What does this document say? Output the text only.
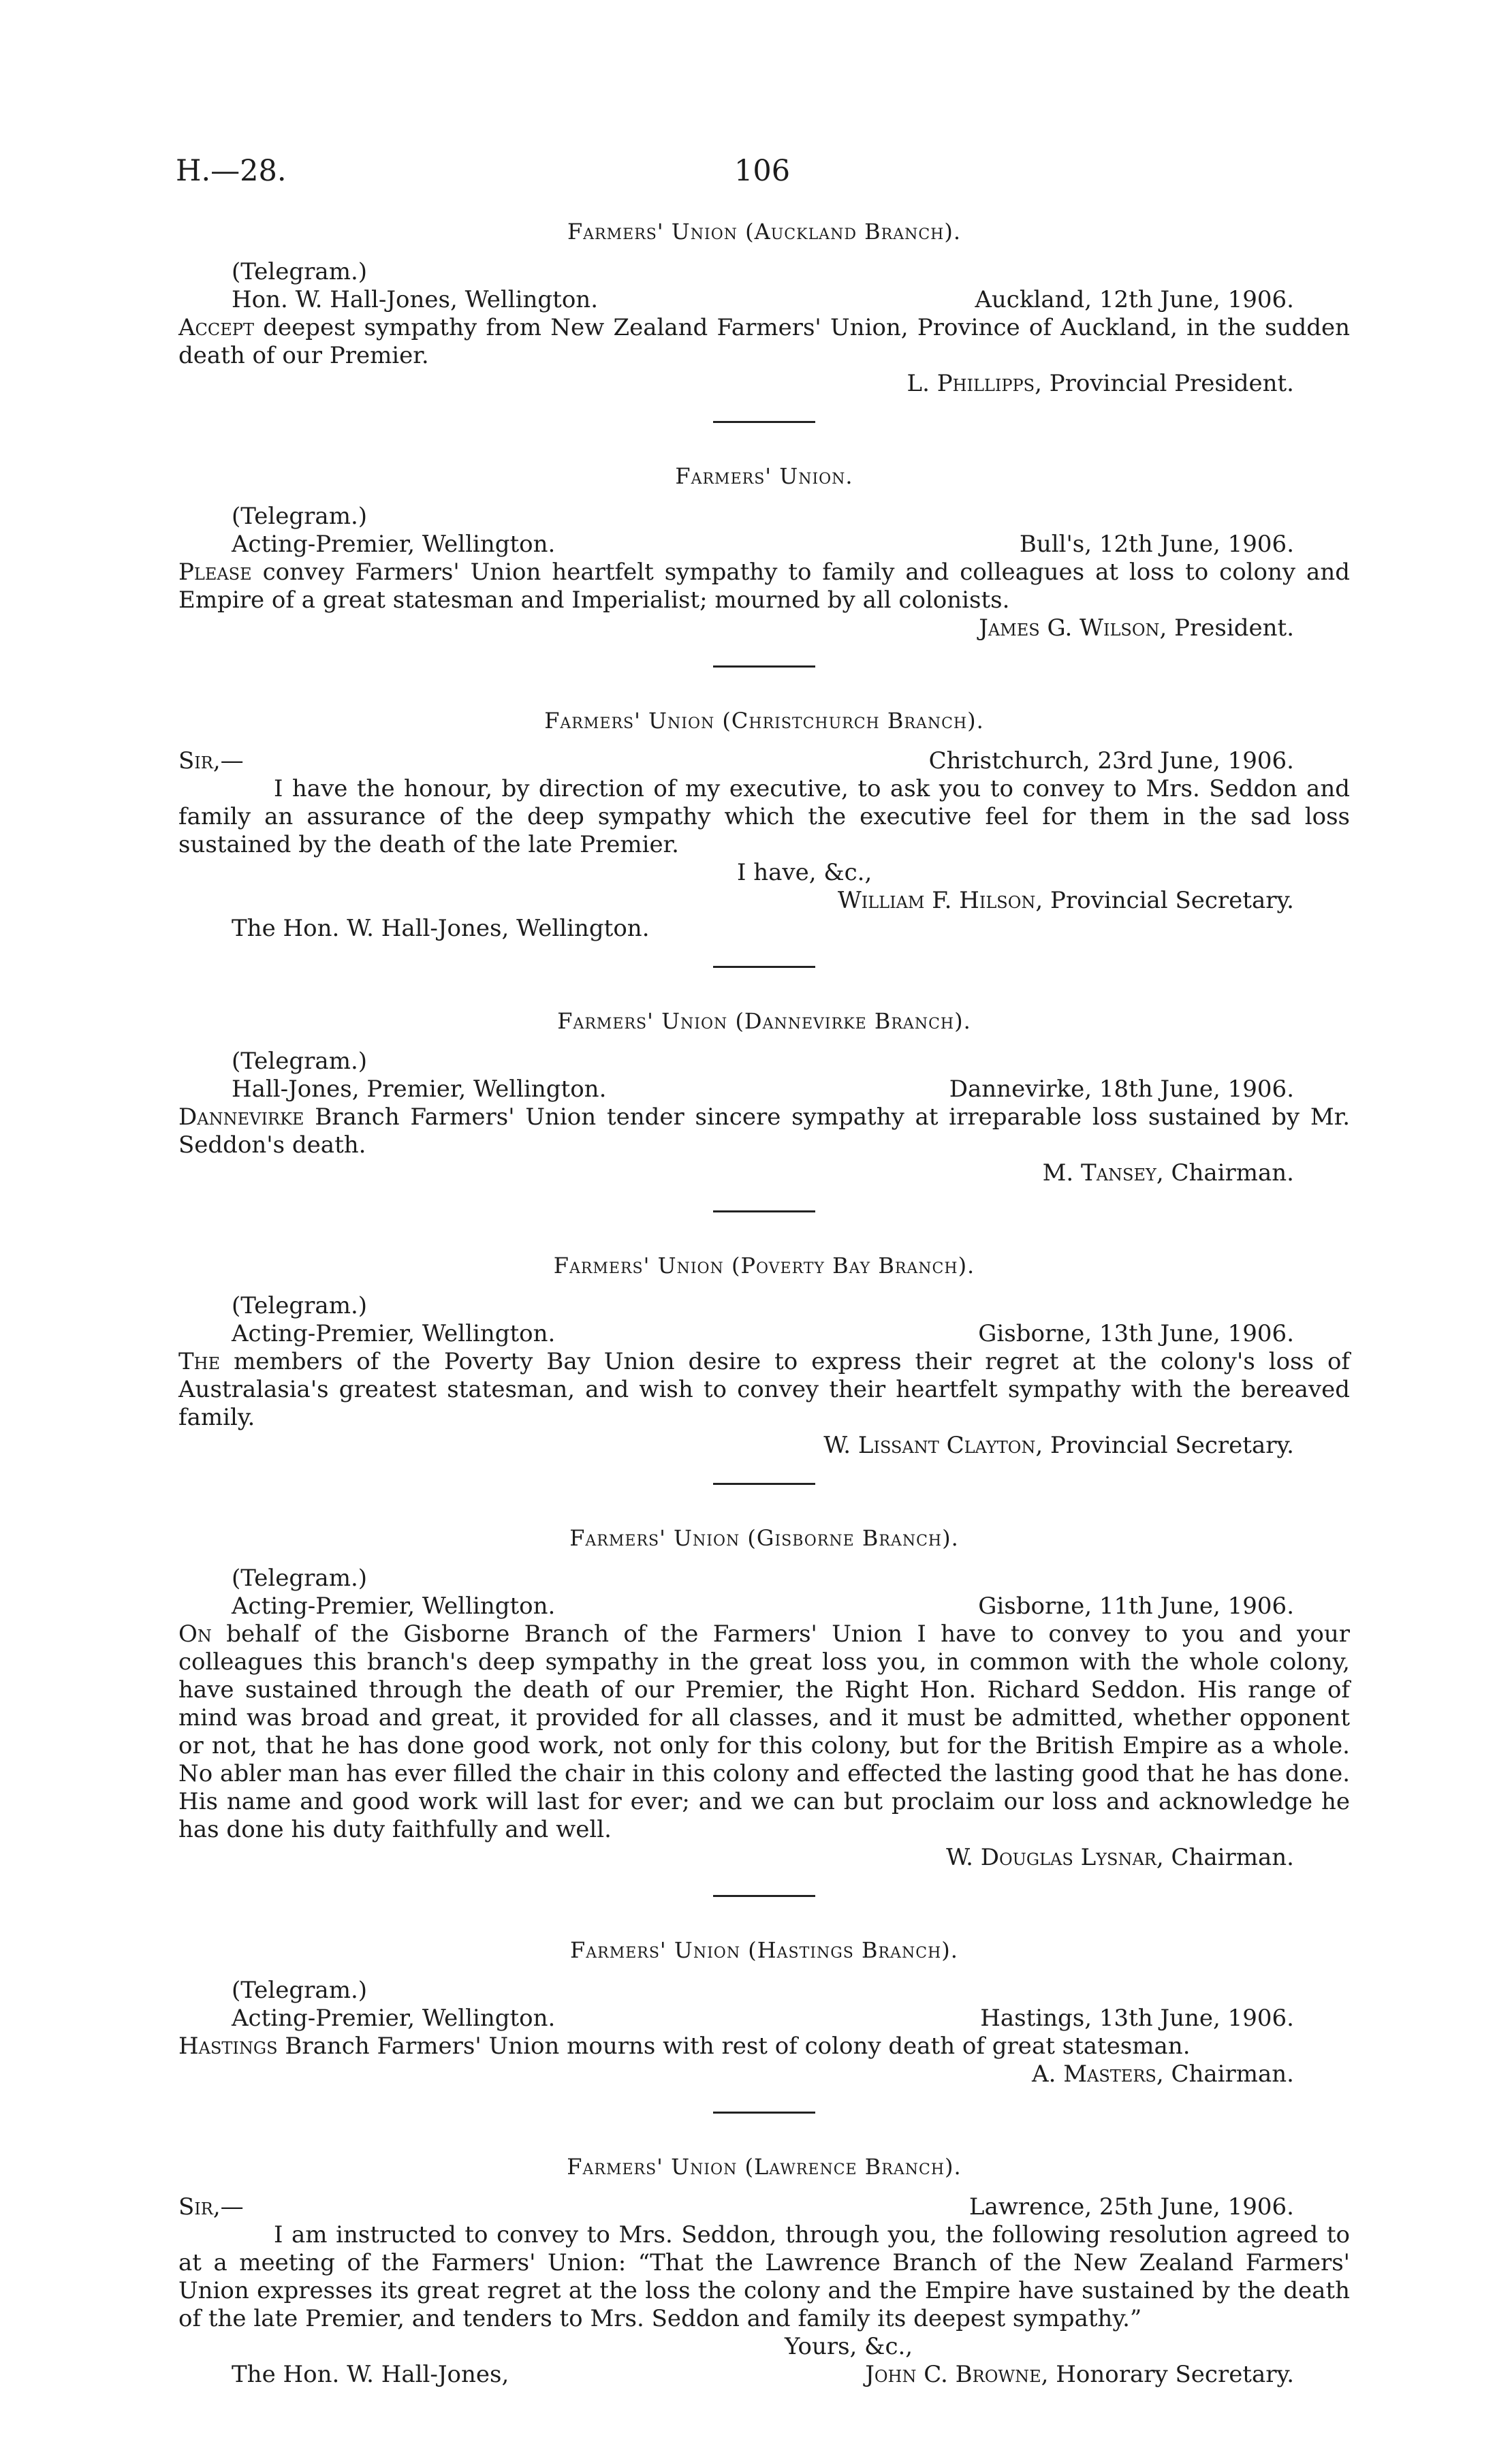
H.—28.	106

Farmers' Union (Auckland Branch).

(Telegram.)
Hon. W. Hall-Jones, Wellington.	Auckland, 12th June, 1906.

Accept deepest sympathy from New Zealand Farmers' Union, Province of Auckland, in the sudden death of our Premier.

L. Phillipps, Provincial President.

Farmers' Union.

(Telegram.)
Acting-Premier, Wellington.	Bull's, 12th June, 1906.

Please convey Farmers' Union heartfelt sympathy to family and colleagues at loss to colony and Empire of a great statesman and Imperialist; mourned by all colonists.

James G. Wilson, President.

Farmers' Union (Christchurch Branch).

Sir,—	Christchurch, 23rd June, 1906.

I have the honour, by direction of my executive, to ask you to convey to Mrs. Seddon and family an assurance of the deep sympathy which the executive feel for them in the sad loss sustained by the death of the late Premier.

I have, &c.,
William F. Hilson, Provincial Secretary.
The Hon. W. Hall-Jones, Wellington.

Farmers' Union (Dannevirke Branch).

(Telegram.)
Hall-Jones, Premier, Wellington.	Dannevirke, 18th June, 1906.

Dannevirke Branch Farmers' Union tender sincere sympathy at irreparable loss sustained by Mr. Seddon's death.

M. Tansey, Chairman.

Farmers' Union (Poverty Bay Branch).

(Telegram.)
Acting-Premier, Wellington.	Gisborne, 13th June, 1906.

The members of the Poverty Bay Union desire to express their regret at the colony's loss of Australasia's greatest statesman, and wish to convey their heartfelt sympathy with the bereaved family.

W. Lissant Clayton, Provincial Secretary.

Farmers' Union (Gisborne Branch).

(Telegram.)
Acting-Premier, Wellington.	Gisborne, 11th June, 1906.

On behalf of the Gisborne Branch of the Farmers' Union I have to convey to you and your colleagues this branch's deep sympathy in the great loss you, in common with the whole colony, have sustained through the death of our Premier, the Right Hon. Richard Seddon. His range of mind was broad and great, it provided for all classes, and it must be admitted, whether opponent or not, that he has done good work, not only for this colony, but for the British Empire as a whole. No abler man has ever filled the chair in this colony and effected the lasting good that he has done. His name and good work will last for ever; and we can but proclaim our loss and acknowledge he has done his duty faithfully and well.

W. Douglas Lysnar, Chairman.

Farmers' Union (Hastings Branch).

(Telegram.)
Acting-Premier, Wellington.	Hastings, 13th June, 1906.

Hastings Branch Farmers' Union mourns with rest of colony death of great statesman.

A. Masters, Chairman.

Farmers' Union (Lawrence Branch).

Sir,—	Lawrence, 25th June, 1906.

I am instructed to convey to Mrs. Seddon, through you, the following resolution agreed to at a meeting of the Farmers' Union: “That the Lawrence Branch of the New Zealand Farmers' Union expresses its great regret at the loss the colony and the Empire have sustained by the death of the late Premier, and tenders to Mrs. Seddon and family its deepest sympathy.”

Yours, &c.,
The Hon. W. Hall-Jones,	John C. Browne, Honorary Secretary.
